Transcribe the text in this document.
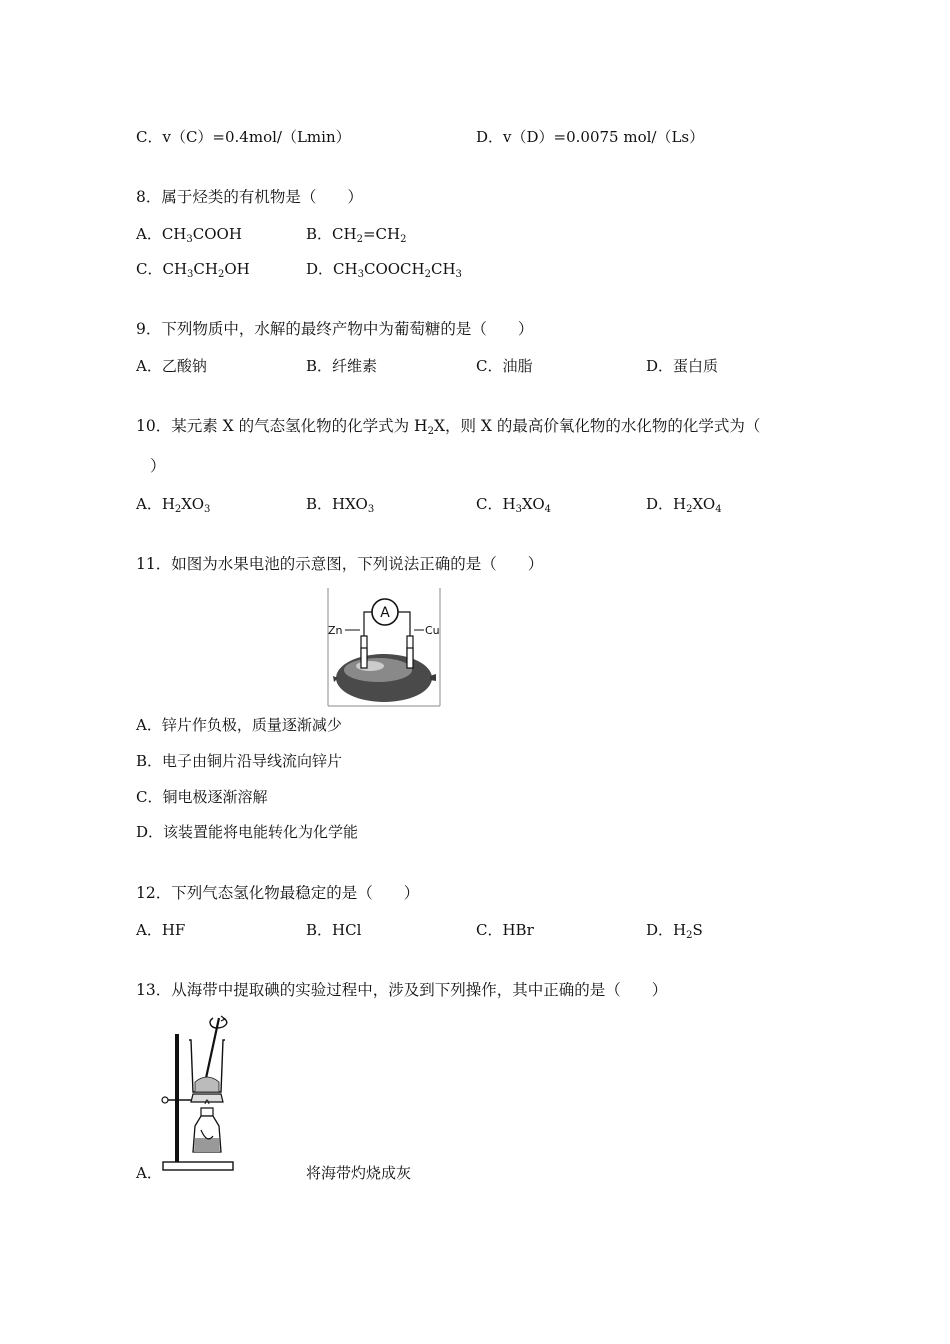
C．v（C）=0.4mol/（Lmin）	D．v（D）=0.0075 mol/（Ls）
8．属于烃类的有机物是（　　）
A．$CH_3COOH$	B．$CH_2=CH_2$
C．$CH_3CH_2OH$	D．$CH_3COOCH_2CH_3$
9．下列物质中，水解的最终产物中为葡萄糖的是（　　）
A．乙酸钠	B．纤维素	C．油脂	D．蛋白质
10．某元素 X 的气态氢化物的化学式为 $H_2X$，则 X 的最高价氧化物的水化物的化学式为（
）
A．$H_2XO_3$	B．$HXO_3$	C．$H_3XO_4$	D．$H_2XO_4$
11．如图为水果电池的示意图，下列说法正确的是（　　）
A
Zn	Cu
A．锌片作负极，质量逐渐减少
B．电子由铜片沿导线流向锌片
C．铜电极逐渐溶解
D．该装置能将电能转化为化学能
12．下列气态氢化物最稳定的是（　　）
A．HF	B．HCl	C．HBr	D．$H_2S$
13．从海带中提取碘的实验过程中，涉及到下列操作，其中正确的是（　　）
A．	将海带灼烧成灰
